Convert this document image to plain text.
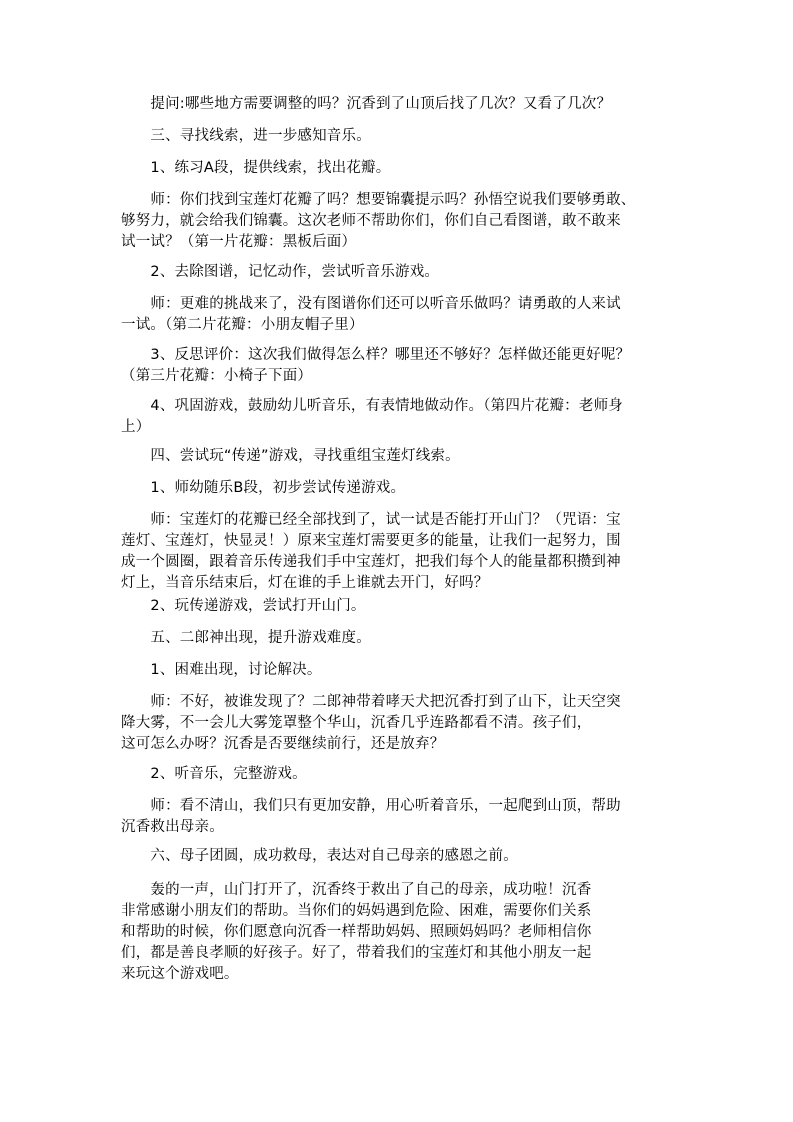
　　提问:哪些地方需要调整的吗？沉香到了山顶后找了几次？又看了几次？

　　三、寻找线索，进一步感知音乐。

　　1、练习A段，提供线索，找出花瓣。

　　师：你们找到宝莲灯花瓣了吗？想要锦囊提示吗？孙悟空说我们要够勇敢、
够努力，就会给我们锦囊。这次老师不帮助你们，你们自己看图谱，敢不敢来
试一试？（第一片花瓣：黑板后面）

　　2、去除图谱，记忆动作，尝试听音乐游戏。

　　师：更难的挑战来了，没有图谱你们还可以听音乐做吗？请勇敢的人来试
一试。（第二片花瓣：小朋友帽子里）

　　3、反思评价：这次我们做得怎么样？哪里还不够好？怎样做还能更好呢？
（第三片花瓣：小椅子下面）

　　4、巩固游戏，鼓励幼儿听音乐，有表情地做动作。（第四片花瓣：老师身
上）

　　四、尝试玩“传递”游戏，寻找重组宝莲灯线索。

　　1、师幼随乐B段，初步尝试传递游戏。

　　师：宝莲灯的花瓣已经全部找到了，试一试是否能打开山门？（咒语：宝
莲灯、宝莲灯，快显灵！）原来宝莲灯需要更多的能量，让我们一起努力，围
成一个圆圈，跟着音乐传递我们手中宝莲灯，把我们每个人的能量都积攒到神
灯上，当音乐结束后，灯在谁的手上谁就去开门，好吗？

　　2、玩传递游戏，尝试打开山门。

　　五、二郎神出现，提升游戏难度。

　　1、困难出现，讨论解决。

　　师：不好，被谁发现了？二郎神带着哮天犬把沉香打到了山下，让天空突
降大雾，不一会儿大雾笼罩整个华山，沉香几乎连路都看不清。孩子们，
这可怎么办呀？沉香是否要继续前行，还是放弃？

　　2、听音乐，完整游戏。

　　师：看不清山，我们只有更加安静，用心听着音乐，一起爬到山顶，帮助
沉香救出母亲。

　　六、母子团圆，成功救母，表达对自己母亲的感恩之前。

　　轰的一声，山门打开了，沉香终于救出了自己的母亲，成功啦！沉香
非常感谢小朋友们的帮助。当你们的妈妈遇到危险、困难，需要你们关系
和帮助的时候，你们愿意向沉香一样帮助妈妈、照顾妈妈吗？老师相信你
们，都是善良孝顺的好孩子。好了，带着我们的宝莲灯和其他小朋友一起
来玩这个游戏吧。
